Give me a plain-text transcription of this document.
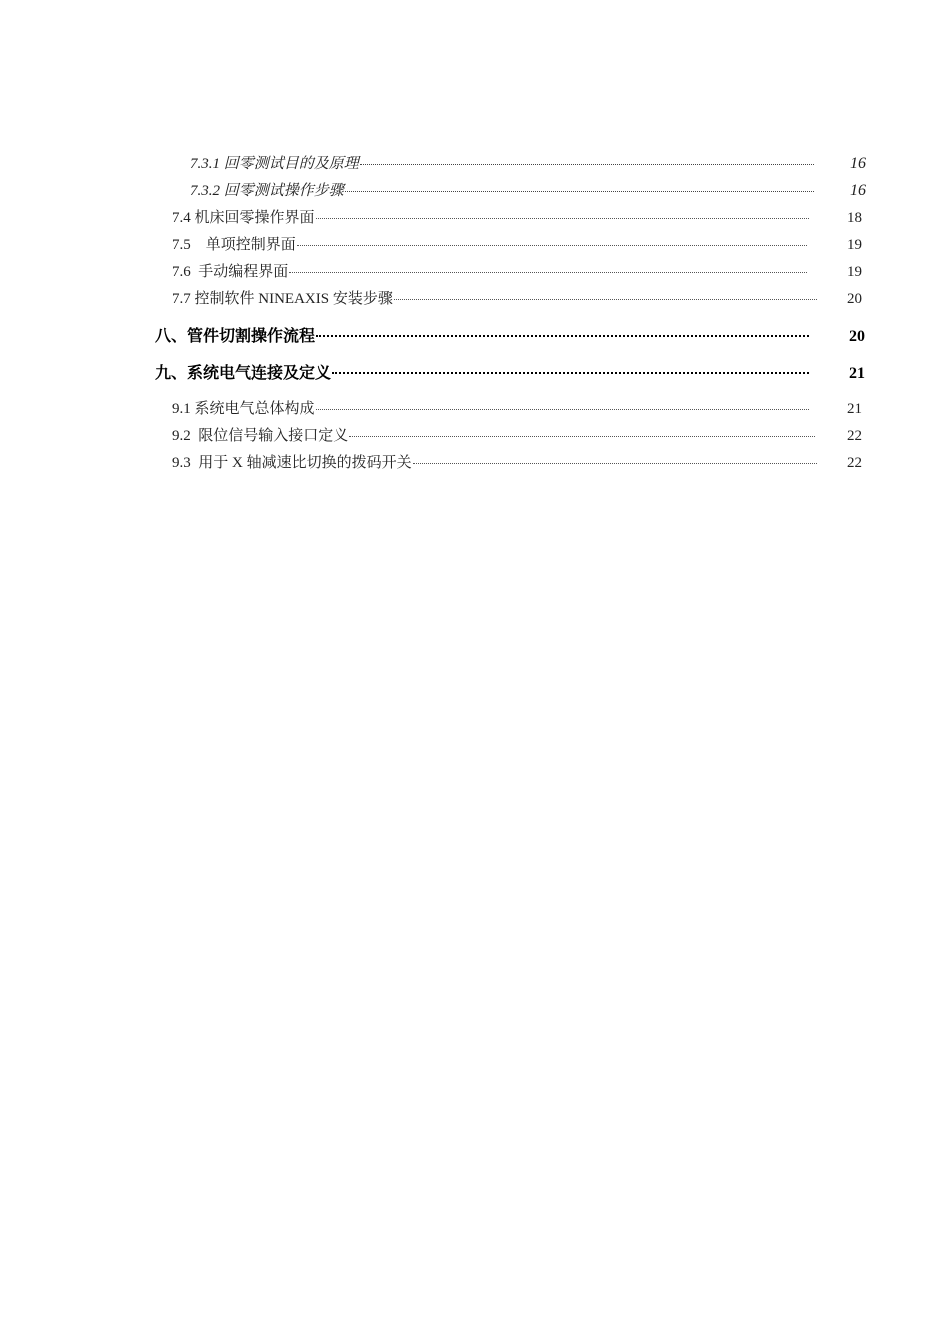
7.3.1 回零测试目的及原理	16
7.3.2 回零测试操作步骤	16
7.4 机床回零操作界面	18
7.5    单项控制界面	19
7.6  手动编程界面	19
7.7 控制软件 NINEAXIS 安装步骤	20
八、管件切割操作流程	20
九、系统电气连接及定义	21
9.1 系统电气总体构成	21
9.2  限位信号输入接口定义	22
9.3  用于 X 轴减速比切换的拨码开关	22
